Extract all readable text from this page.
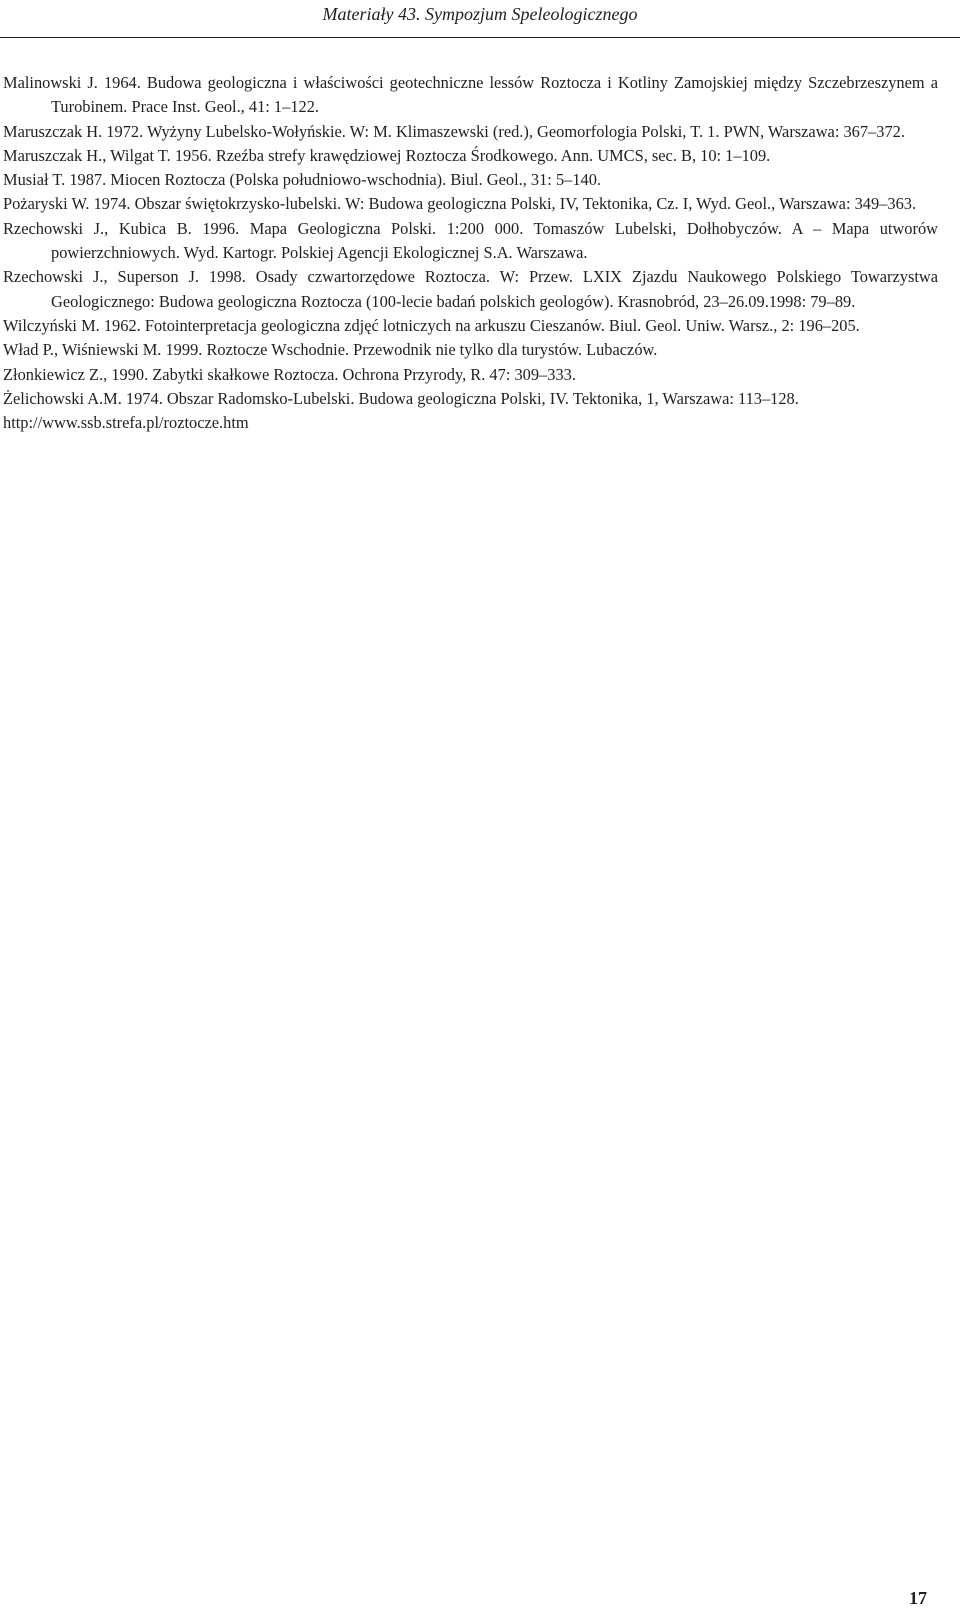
Materiały 43. Sympozjum Speleologicznego
Malinowski J. 1964. Budowa geologiczna i właściwości geotechniczne lessów Roztocza i Kotliny Zamojskiej między Szczebrzeszynem a Turobinem. Prace Inst. Geol., 41: 1–122.
Maruszczak H. 1972. Wyżyny Lubelsko-Wołyńskie. W: M. Klimaszewski (red.), Geomorfologia Polski, T. 1. PWN, Warszawa: 367–372.
Maruszczak H., Wilgat T. 1956. Rzeźba strefy krawędziowej Roztocza Środkowego. Ann. UMCS, sec. B, 10: 1–109.
Musiał T. 1987. Miocen Roztocza (Polska południowo-wschodnia). Biul. Geol., 31: 5–140.
Pożaryski W. 1974. Obszar świętokrzysko-lubelski. W: Budowa geologiczna Polski, IV, Tektonika, Cz. I, Wyd. Geol., Warszawa: 349–363.
Rzechowski J., Kubica B. 1996. Mapa Geologiczna Polski. 1:200 000. Tomaszów Lubelski, Dołhobyczów. A – Mapa utworów powierzchniowych. Wyd. Kartogr. Polskiej Agencji Ekologicznej S.A. Warszawa.
Rzechowski J., Superson J. 1998. Osady czwartorzędowe Roztocza. W: Przew. LXIX Zjazdu Naukowego Polskiego Towarzystwa Geologicznego: Budowa geologiczna Roztocza (100-lecie badań polskich geologów). Krasnobród, 23–26.09.1998: 79–89.
Wilczyński M. 1962. Fotointerpretacja geologiczna zdjęć lotniczych na arkuszu Cieszanów. Biul. Geol. Uniw. Warsz., 2: 196–205.
Wład P., Wiśniewski M. 1999. Roztocze Wschodnie. Przewodnik nie tylko dla turystów. Lubaczów.
Złonkiewicz Z., 1990. Zabytki skałkowe Roztocza. Ochrona Przyrody, R. 47: 309–333.
Żelichowski A.M. 1974. Obszar Radomsko-Lubelski. Budowa geologiczna Polski, IV. Tektonika, 1, Warszawa: 113–128.
http://www.ssb.strefa.pl/roztocze.htm
17
